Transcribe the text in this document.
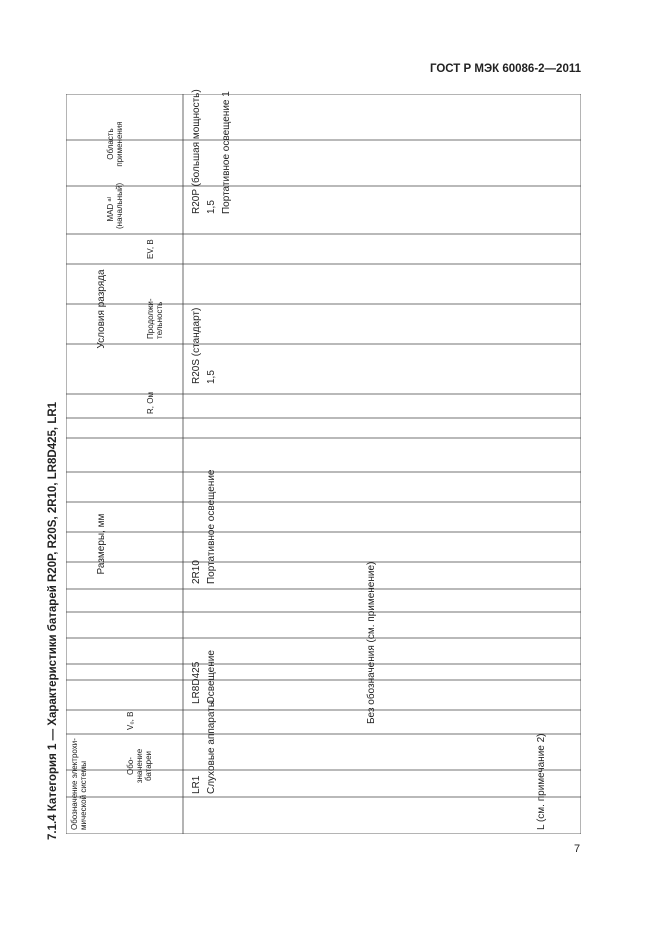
ГОСТ Р МЭК 60086-2—2011
7.1.4 Категория 1 — Характеристики батарей R20P, R20S, 2R10, LR8D425, LR1
7
Обозначение электрохи-
мической системы	Обо-
значение
батареи
V₀, В
Размеры, мм
Условия разряда
R, Ом
Продолжи-
тельность
EV, В
MAD ᵃ⁾
(начальный)
Область
применения
Без обозначения (см. применение)
L (см. примечание 2)
R20P (большая мощность) 1,5 Портативное освещение 1
R20S (стандарт) 1,5
2R10 Портативное освещение
LR8D425 Освещение
LR1 Слуховые аппараты
